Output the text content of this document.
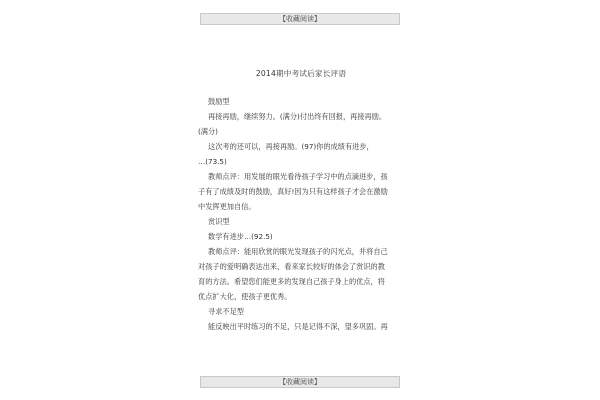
【收藏阅读】
2014期中考试后家长评语
鼓励型
再接再励，继续努力。(满分)付出终有回报，再接再励。
(满分)
这次考的还可以，再接再励。(97)你的成绩有进步，
…(73.5)
教师点评：用发展的眼光看待孩子学习中的点滴进步，孩
子有了成绩及时的鼓励，真好!因为只有这样孩子才会在激励
中发挥更加自信。
赏识型
数学有进步…(92.5)
教师点评：能用欣赏的眼光发现孩子的闪光点，并将自己
对孩子的爱明确表达出来，看来家长较好的体会了赏识的教
育的方法。希望您们能更多的发现自己孩子身上的优点，将
优点扩大化，使孩子更优秀。
寻求不足型
能反映出平时练习的不足，只是记得不深，望多巩固。再
【收藏阅读】
